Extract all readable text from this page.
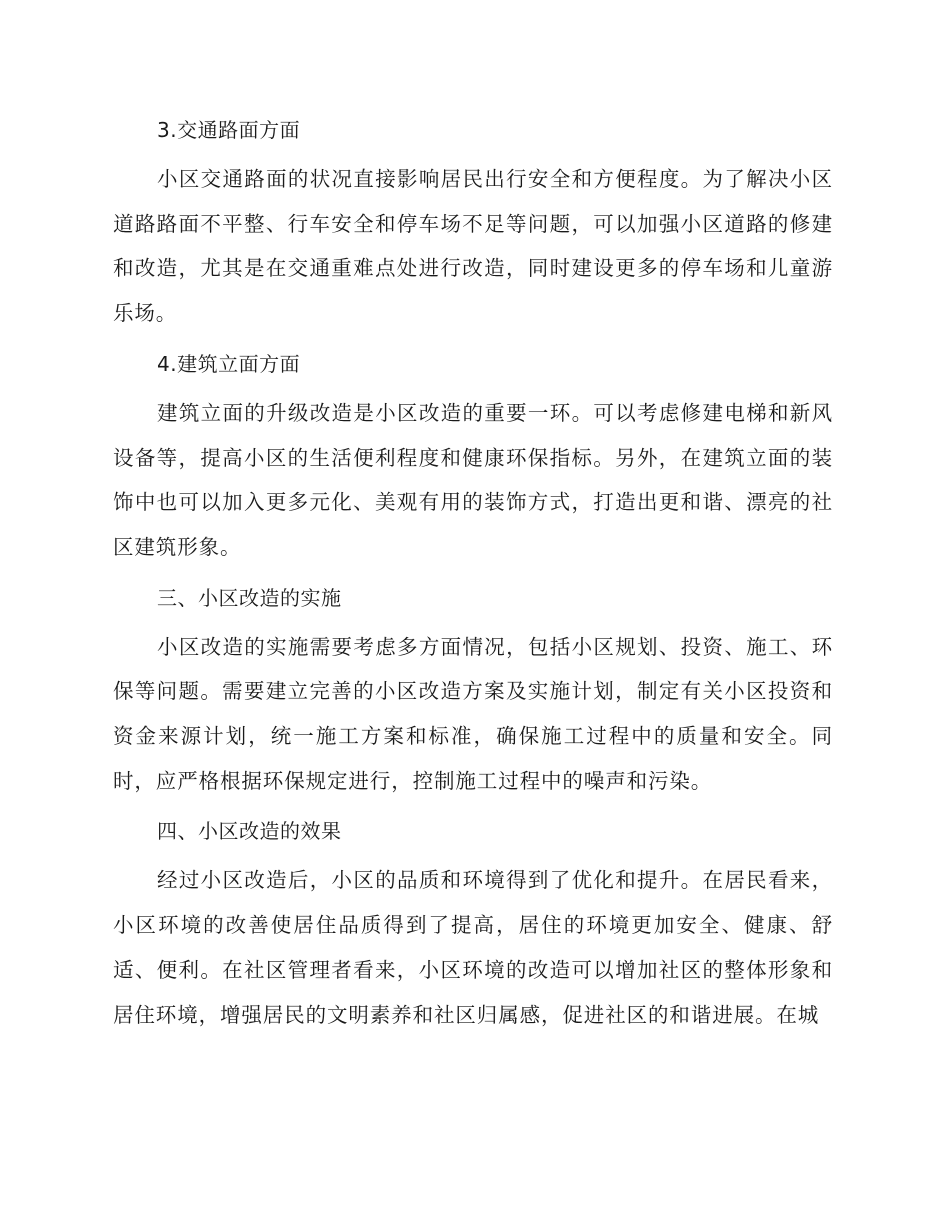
3.交通路面方面

小区交通路面的状况直接影响居民出行安全和方便程度。为了解决小区道路路面不平整、行车安全和停车场不足等问题，可以加强小区道路的修建和改造，尤其是在交通重难点处进行改造，同时建设更多的停车场和儿童游乐场。

4.建筑立面方面

建筑立面的升级改造是小区改造的重要一环。可以考虑修建电梯和新风设备等，提高小区的生活便利程度和健康环保指标。另外，在建筑立面的装饰中也可以加入更多元化、美观有用的装饰方式，打造出更和谐、漂亮的社区建筑形象。

三、小区改造的实施

小区改造的实施需要考虑多方面情况，包括小区规划、投资、施工、环保等问题。需要建立完善的小区改造方案及实施计划，制定有关小区投资和资金来源计划，统一施工方案和标准，确保施工过程中的质量和安全。同时，应严格根据环保规定进行，控制施工过程中的噪声和污染。

四、小区改造的效果

经过小区改造后，小区的品质和环境得到了优化和提升。在居民看来，小区环境的改善使居住品质得到了提高，居住的环境更加安全、健康、舒适、便利。在社区管理者看来，小区环境的改造可以增加社区的整体形象和居住环境，增强居民的文明素养和社区归属感，促进社区的和谐进展。在城
